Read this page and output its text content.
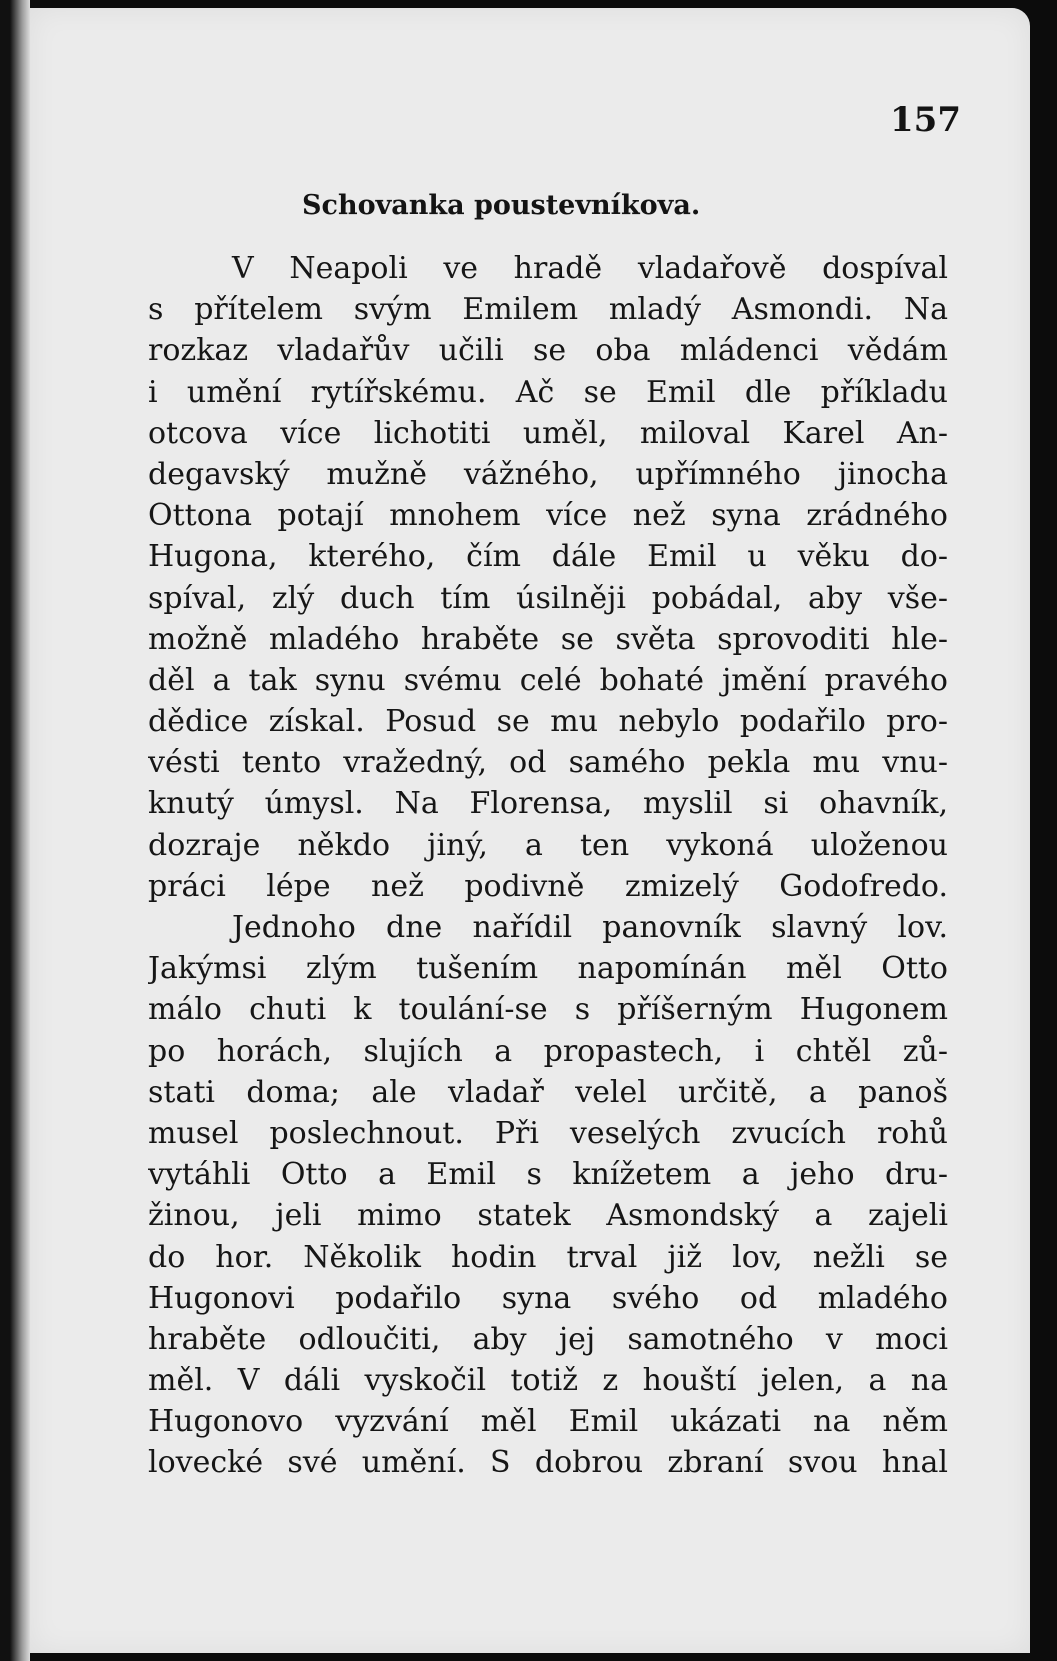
157
Schovanka poustevníkova.
V Neapoli ve hradě vladařově dospíval
s přítelem svým Emilem mladý Asmondi. Na
rozkaz vladařův učili se oba mládenci vědám
i umění rytířskému. Ač se Emil dle příkladu
otcova více lichotiti uměl, miloval Karel An-
degavský mužně vážného, upřímného jinocha
Ottona potají mnohem více než syna zrádného
Hugona, kterého, čím dále Emil u věku do-
spíval, zlý duch tím úsilněji pobádal, aby vše-
možně mladého hraběte se světa sprovoditi hle-
děl a tak synu svému celé bohaté jmění pravého
dědice získal. Posud se mu nebylo podařilo pro-
vésti tento vražedný, od samého pekla mu vnu-
knutý úmysl. Na Florensa, myslil si ohavník,
dozraje někdo jiný, a ten vykoná uloženou
práci lépe než podivně zmizelý Godofredo.
Jednoho dne nařídil panovník slavný lov.
Jakýmsi zlým tušením napomínán měl Otto
málo chuti k toulání-se s příšerným Hugonem
po horách, slujích a propastech, i chtěl zů-
stati doma; ale vladař velel určitě, a panoš
musel poslechnout. Při veselých zvucích rohů
vytáhli Otto a Emil s knížetem a jeho dru-
žinou, jeli mimo statek Asmondský a zajeli
do hor. Několik hodin trval již lov, nežli se
Hugonovi podařilo syna svého od mladého
hraběte odloučiti, aby jej samotného v moci
měl. V dáli vyskočil totiž z houští jelen, a na
Hugonovo vyzvání měl Emil ukázati na něm
lovecké své umění. S dobrou zbraní svou hnal
